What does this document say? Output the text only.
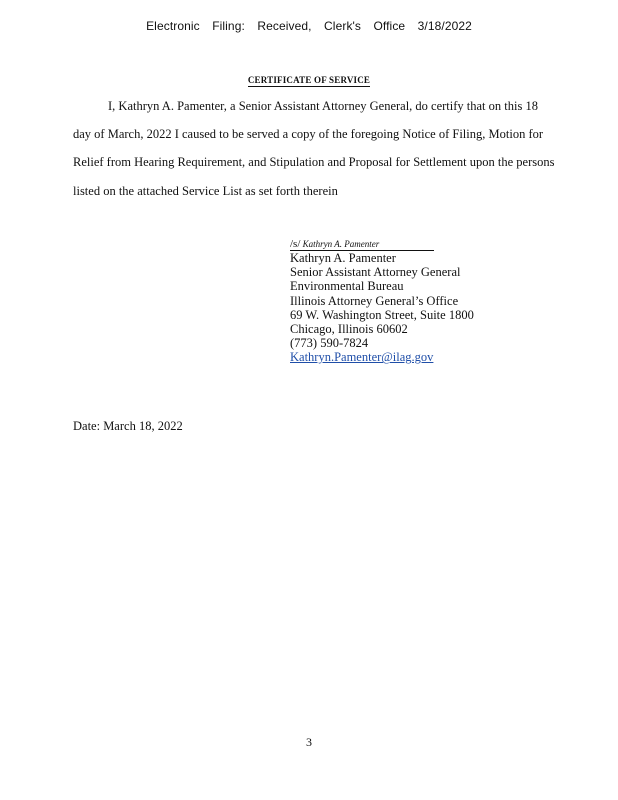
Electronic Filing: Received, Clerk's Office 3/18/2022
CERTIFICATE OF SERVICE
I, Kathryn A. Pamenter, a Senior Assistant Attorney General, do certify that on this 18
day of March, 2022 I caused to be served a copy of the foregoing Notice of Filing, Motion for
Relief from Hearing Requirement, and Stipulation and Proposal for Settlement upon the persons
listed on the attached Service List as set forth therein
/s/ Kathryn A. Pamenter
Kathryn A. Pamenter
Senior Assistant Attorney General
Environmental Bureau
Illinois Attorney General’s Office
69 W. Washington Street, Suite 1800
Chicago, Illinois 60602
(773) 590-7824
Kathryn.Pamenter@ilag.gov
Date: March 18, 2022
3
